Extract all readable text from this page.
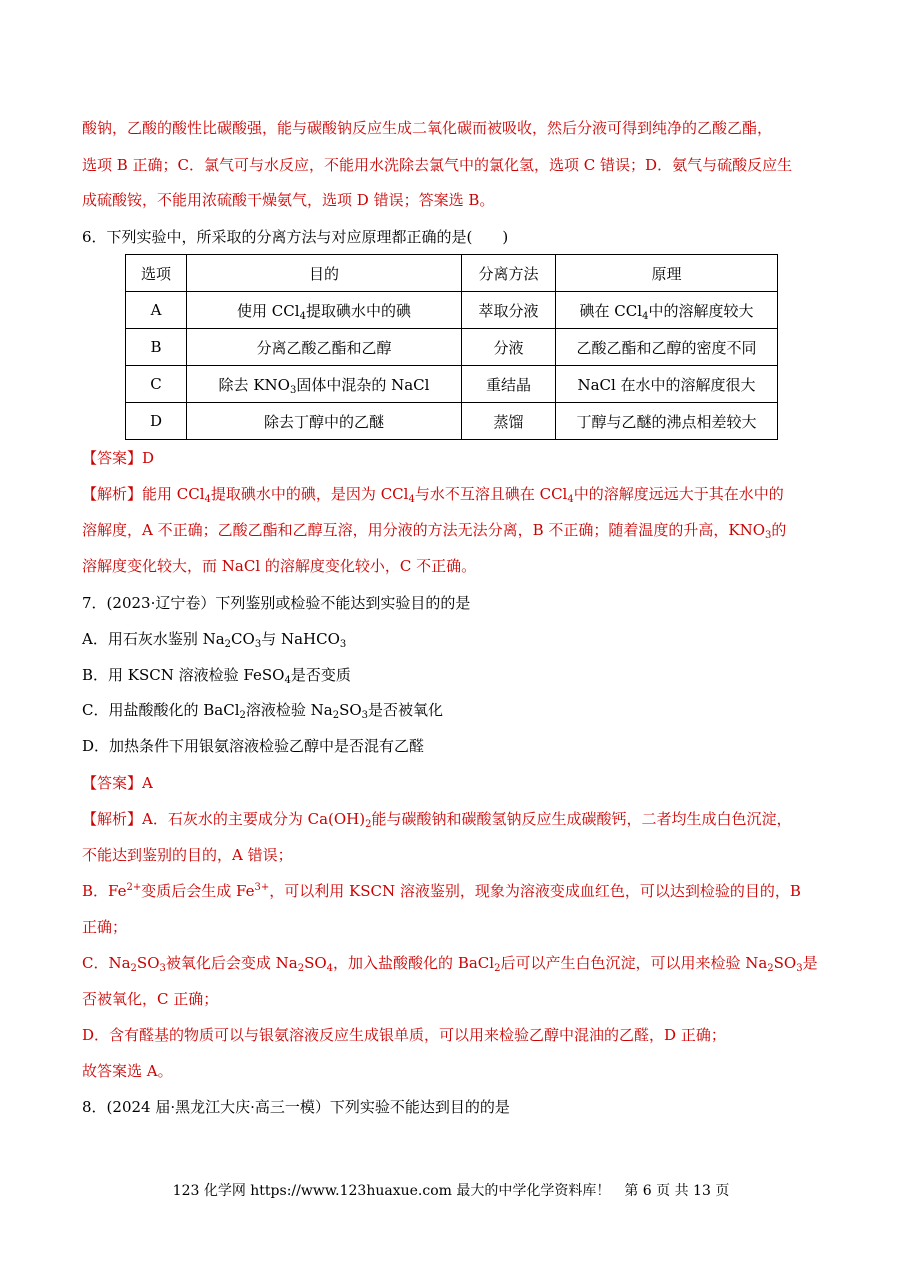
酸钠，乙酸的酸性比碳酸强，能与碳酸钠反应生成二氧化碳而被吸收，然后分液可得到纯净的乙酸乙酯，
选项 B 正确；C．氯气可与水反应，不能用水洗除去氯气中的氯化氢，选项 C 错误；D．氨气与硫酸反应生
成硫酸铵，不能用浓硫酸干燥氨气，选项 D 错误；答案选 B。
6．下列实验中，所采取的分离方法与对应原理都正确的是(　　)
选项	目的	分离方法	原理
A	使用 CCl$_4$提取碘水中的碘	萃取分液	碘在 CCl$_4$中的溶解度较大
B	分离乙酸乙酯和乙醇	分液	乙酸乙酯和乙醇的密度不同
C	除去 $KNO_3$固体中混杂的 NaCl	重结晶	NaCl 在水中的溶解度很大
D	除去丁醇中的乙醚	蒸馏	丁醇与乙醚的沸点相差较大
【答案】D
【解析】能用 CCl$_4$提取碘水中的碘，是因为 CCl$_4$与水不互溶且碘在 CCl$_4$中的溶解度远远大于其在水中的
溶解度，A 不正确；乙酸乙酯和乙醇互溶，用分液的方法无法分离，B 不正确；随着温度的升高，$KNO_3$的
溶解度变化较大，而 NaCl 的溶解度变化较小，C 不正确。
7．(2023·辽宁卷）下列鉴别或检验不能达到实验目的的是
A．用石灰水鉴别 $Na_2CO_3$与 NaHCO$_3$
B．用 KSCN 溶液检验 FeSO$_4$是否变质
C．用盐酸酸化的 BaCl$_2$溶液检验 $Na_2SO_3$是否被氧化
D．加热条件下用银氨溶液检验乙醇中是否混有乙醛
【答案】A
【解析】A．石灰水的主要成分为 $Ca(OH)_2$能与碳酸钠和碳酸氢钠反应生成碳酸钙，二者均生成白色沉淀，
不能达到鉴别的目的，A 错误；
B．$Fe^{2+}$变质后会生成 $Fe^{3+}$，可以利用 KSCN 溶液鉴别，现象为溶液变成血红色，可以达到检验的目的，B
正确；
C．$Na_2SO_3$被氧化后会变成 $Na_2SO_4$，加入盐酸酸化的 BaCl$_2$后可以产生白色沉淀，可以用来检验 $Na_2SO_3$是
否被氧化，C 正确；
D．含有醛基的物质可以与银氨溶液反应生成银单质，可以用来检验乙醇中混油的乙醛，D 正确；
故答案选 A。
8．(2024 届·黑龙江大庆·高三一模）下列实验不能达到目的的是
123 化学网 https://www.123huaxue.com 最大的中学化学资料库！　第 6 页 共 13 页
